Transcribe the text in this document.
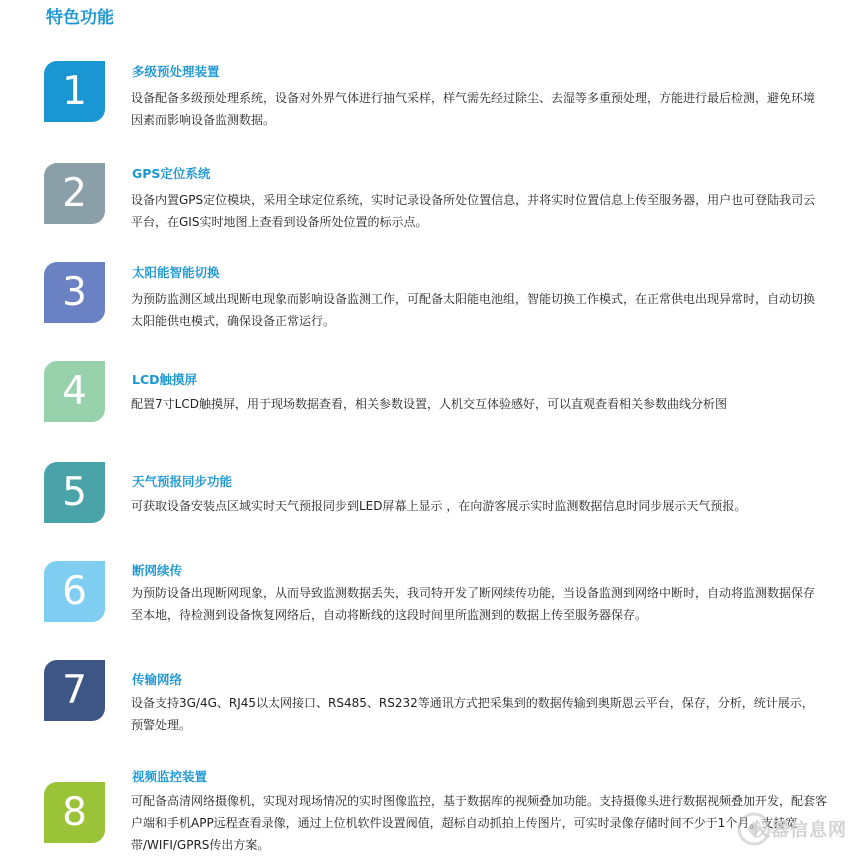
特色功能
1	多级预处理装置
设备配备多级预处理系统，设备对外界气体进行抽气采样，样气需先经过除尘、去湿等多重预处理，方能进行最后检测，避免环境因素而影响设备监测数据。
2	GPS定位系统
设备内置GPS定位模块，采用全球定位系统，实时记录设备所处位置信息，并将实时位置信息上传至服务器，用户也可登陆我司云平台，在GIS实时地图上查看到设备所处位置的标示点。
3	太阳能智能切换
为预防监测区域出现断电现象而影响设备监测工作，可配备太阳能电池组，智能切换工作模式，在正常供电出现异常时，自动切换太阳能供电模式，确保设备正常运行。
4	LCD触摸屏
配置7寸LCD触摸屏，用于现场数据查看，相关参数设置，人机交互体验感好，可以直观查看相关参数曲线分析图
5	天气预报同步功能
可获取设备安装点区域实时天气预报同步到LED屏幕上显示 ，在向游客展示实时监测数据信息时同步展示天气预报。
6	断网续传
为预防设备出现断网现象，从而导致监测数据丢失，我司特开发了断网续传功能，当设备监测到网络中断时，自动将监测数据保存至本地，待检测到设备恢复网络后，自动将断线的这段时间里所监测到的数据上传至服务器保存。
7	传输网络
设备支持3G/4G、RJ45以太网接口、RS485、RS232等通讯方式把采集到的数据传输到奥斯恩云平台，保存，分析，统计展示，预警处理。
8
视频监控装置
可配备高清网络摄像机，实现对现场情况的实时图像监控，基于数据库的视频叠加功能。支持摄像头进行数据视频叠加开发，配套客户端和手机APP远程查看录像，通过上位机软件设置阀值，超标自动抓拍上传图片，可实时录像存储时间不少于1个月。支持宽带/WIFI/GPRS传出方案。
仪器信息网
